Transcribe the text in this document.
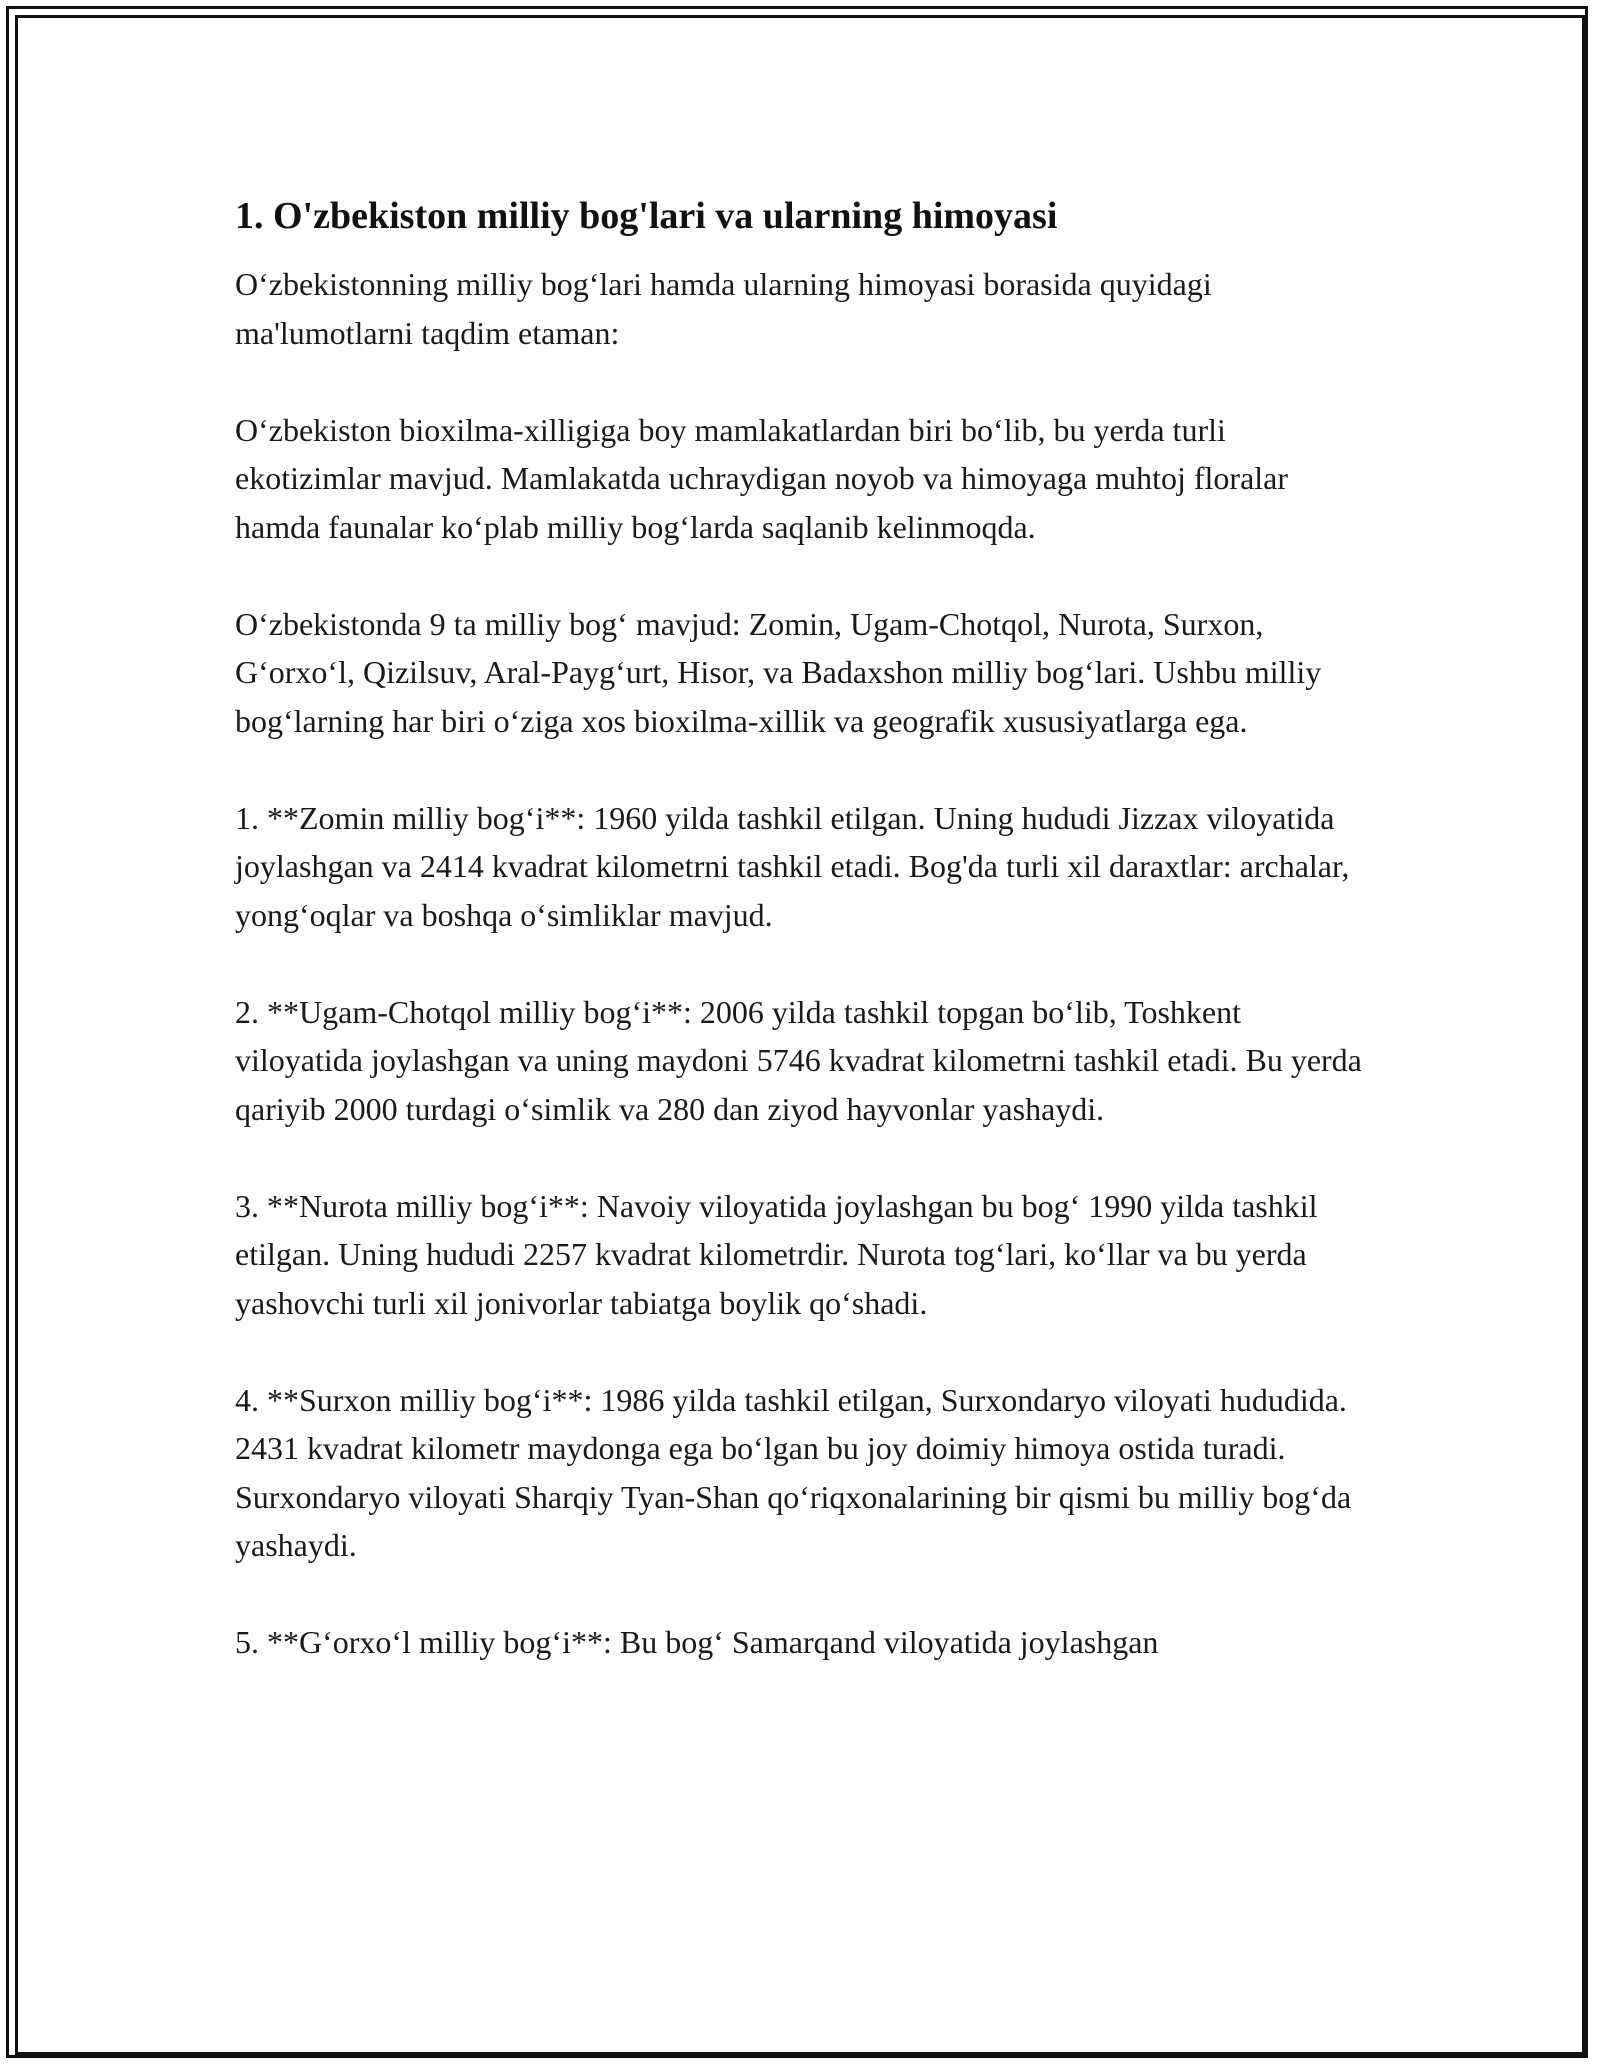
1. O'zbekiston milliy bog'lari va ularning himoyasi

O‘zbekistonning milliy bog‘lari hamda ularning himoyasi borasida quyidagi ma'lumotlarni taqdim etaman:

O‘zbekiston bioxilma-xilligiga boy mamlakatlardan biri bo‘lib, bu yerda turli ekotizimlar mavjud. Mamlakatda uchraydigan noyob va himoyaga muhtoj floralar hamda faunalar ko‘plab milliy bog‘larda saqlanib kelinmoqda.

O‘zbekistonda 9 ta milliy bog‘ mavjud: Zomin, Ugam-Chotqol, Nurota, Surxon, G‘orxo‘l, Qizilsuv, Aral-Payg‘urt, Hisor, va Badaxshon milliy bog‘lari. Ushbu milliy bog‘larning har biri o‘ziga xos bioxilma-xillik va geografik xususiyatlarga ega.

1. **Zomin milliy bog‘i**: 1960 yilda tashkil etilgan. Uning hududi Jizzax viloyatida joylashgan va 2414 kvadrat kilometrni tashkil etadi. Bog'da turli xil daraxtlar: archalar, yong‘oqlar va boshqa o‘simliklar mavjud.

2. **Ugam-Chotqol milliy bog‘i**: 2006 yilda tashkil topgan bo‘lib, Toshkent viloyatida joylashgan va uning maydoni 5746 kvadrat kilometrni tashkil etadi. Bu yerda qariyib 2000 turdagi o‘simlik va 280 dan ziyod hayvonlar yashaydi.

3. **Nurota milliy bog‘i**: Navoiy viloyatida joylashgan bu bog‘ 1990 yilda tashkil etilgan. Uning hududi 2257 kvadrat kilometrdir. Nurota tog‘lari, ko‘llar va bu yerda yashovchi turli xil jonivorlar tabiatga boylik qo‘shadi.

4. **Surxon milliy bog‘i**: 1986 yilda tashkil etilgan, Surxondaryo viloyati hududida. 2431 kvadrat kilometr maydonga ega bo‘lgan bu joy doimiy himoya ostida turadi. Surxondaryo viloyati Sharqiy Tyan-Shan qo‘riqxonalarining bir qismi bu milliy bog‘da yashaydi.

5. **G‘orxo‘l milliy bog‘i**: Bu bog‘ Samarqand viloyatida joylashgan
